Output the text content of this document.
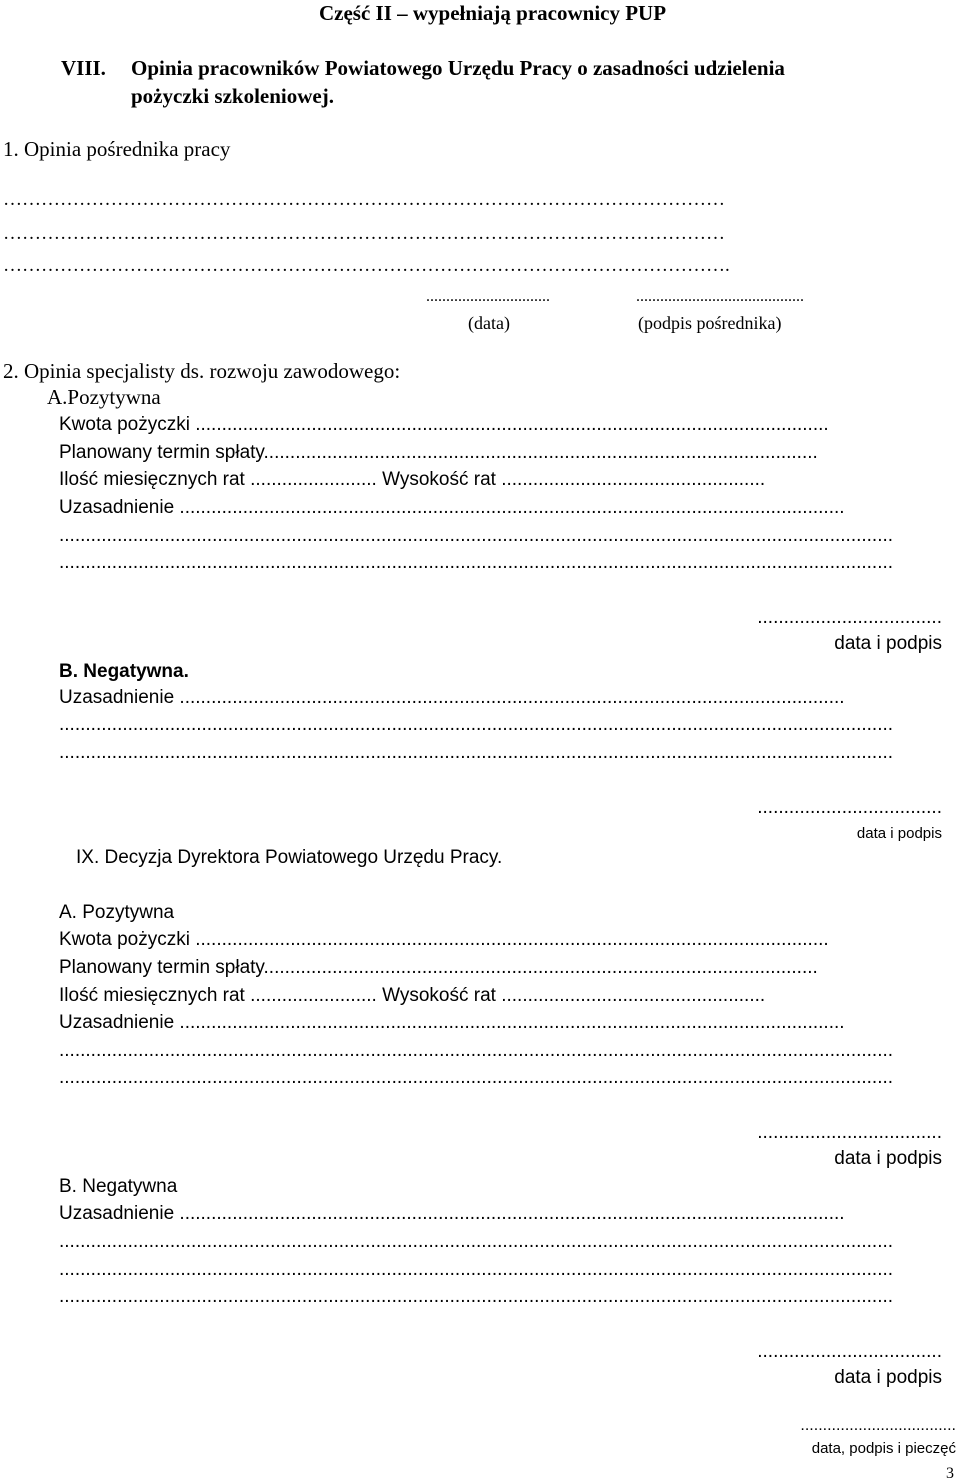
Część II – wypełniają pracownicy PUP
VIII. Opinia pracowników Powiatowego Urzędu Pracy o zasadności udzielenia
pożyczki szkoleniowej.
1. Opinia pośrednika pracy
……………………………………………………………………………………………………
……………………………………………………………………………………………………
…………………………………………………………………………………………………….
...............................
(data)
..........................................
(podpis pośrednika)
2. Opinia specjalisty ds. rozwoju zawodowego:
A.Pozytywna
Kwota pożyczki ........................................................................................................................
Planowany termin spłaty.........................................................................................................
Ilość miesięcznych rat ........................ Wysokość rat ..................................................
Uzasadnienie ..............................................................................................................................
..............................................................................................................................................................
..............................................................................................................................................................
...................................
data i podpis
B. Negatywna.
Uzasadnienie ..............................................................................................................................
..............................................................................................................................................................
..............................................................................................................................................................
...................................
data i podpis
IX. Decyzja Dyrektora Powiatowego Urzędu Pracy.
A. Pozytywna
Kwota pożyczki ........................................................................................................................
Planowany termin spłaty.........................................................................................................
Ilość miesięcznych rat ........................ Wysokość rat ..................................................
Uzasadnienie ..............................................................................................................................
..............................................................................................................................................................
..............................................................................................................................................................
...................................
data i podpis
B. Negatywna
Uzasadnienie ..............................................................................................................................
..............................................................................................................................................................
..............................................................................................................................................................
..............................................................................................................................................................
...................................
data i podpis
...................................
data, podpis i pieczęć
3
